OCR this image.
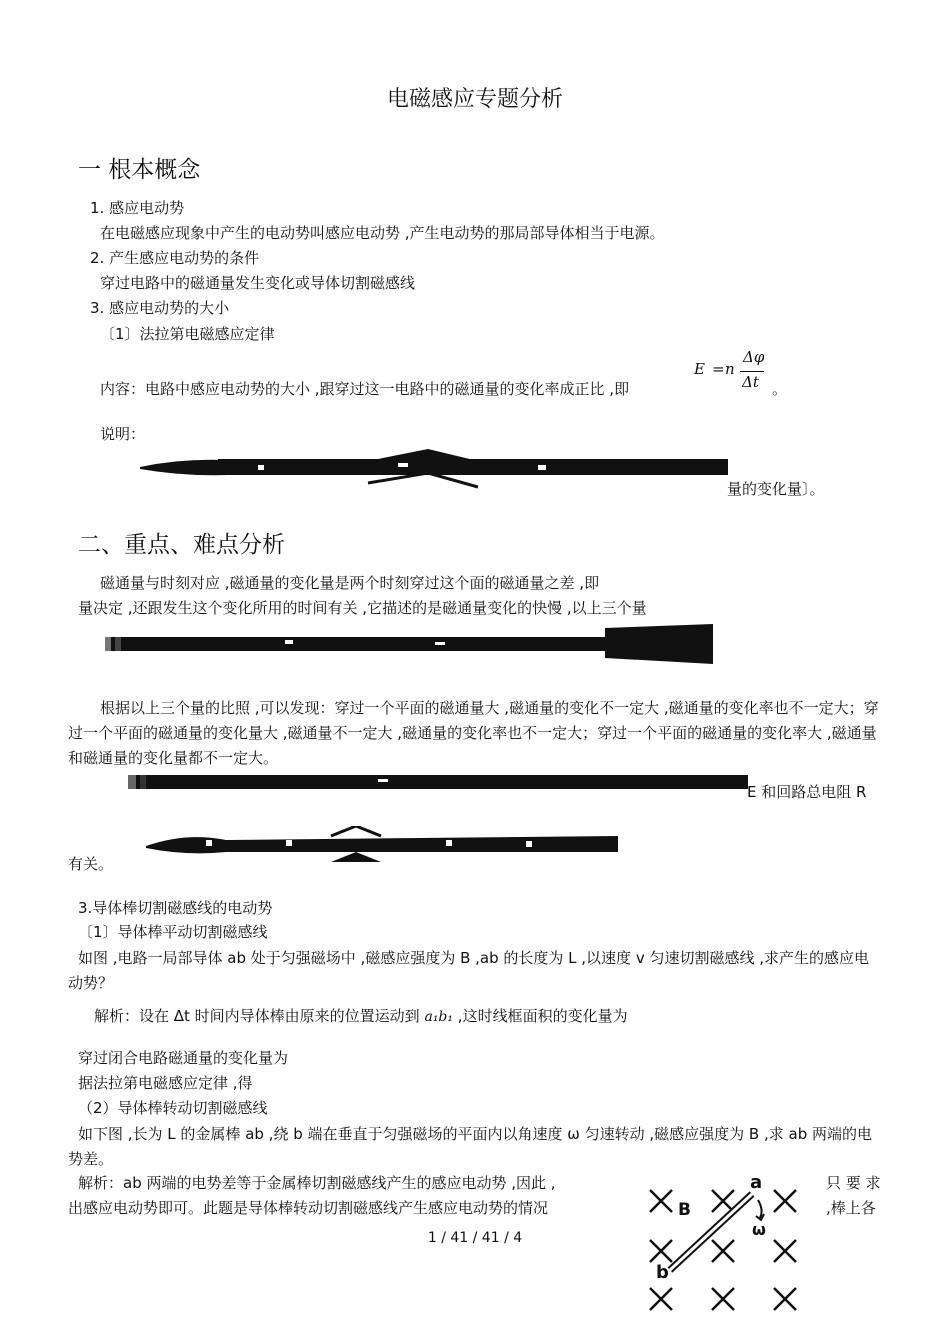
电磁感应专题分析
一 根本概念
1. 感应电动势
在电磁感应现象中产生的电动势叫感应电动势 ,产生电动势的那局部导体相当于电源。
2. 产生感应电动势的条件
穿过电路中的磁通量发生变化或导体切割磁感线
3. 感应电动势的大小
〔1〕法拉第电磁感应定律
内容：电路中感应电动势的大小 ,跟穿过这一电路中的磁通量的变化率成正比 ,即
E = n
Δφ
Δt 。
说明：
量的变化量〕。
二、重点、难点分析
磁通量与时刻对应 ,磁通量的变化量是两个时刻穿过这个面的磁通量之差 ,即
量决定 ,还跟发生这个变化所用的时间有关 ,它描述的是磁通量变化的快慢 ,以上三个量
根据以上三个量的比照 ,可以发现：穿过一个平面的磁通量大 ,磁通量的变化不一定大 ,磁通量的变化率也不一定大；穿过一个平面的磁通量的变化量大 ,磁通量不一定大 ,磁通量的变化率也不一定大；穿过一个平面的磁通量的变化率大 ,磁通量和磁通量的变化量都不一定大。
E 和回路总电阻 R
有关。
3.导体棒切割磁感线的电动势
〔1〕导体棒平动切割磁感线
如图 ,电路一局部导体 ab 处于匀强磁场中 ,磁感应强度为 B ,ab 的长度为 L ,以速度 v 匀速切割磁感线 ,求产生的感应电动势？
解析：设在 Δt 时间内导体棒由原来的位置运动到 a₁b₁ ,这时线框面积的变化量为
穿过闭合电路磁通量的变化量为
据法拉第电磁感应定律 ,得
（2）导体棒转动切割磁感线
如下图 ,长为 L 的金属棒 ab ,绕 b 端在垂直于匀强磁场的平面内以角速度 ω 匀速转动 ,磁感应强度为 B ,求 ab 两端的电势差。
解析：ab 两端的电势差等于金属棒切割磁感线产生的感应电动势 ,因此 ,	只 要 求
出感应电动势即可。此题是导体棒转动切割磁感线产生感应电动势的情况	,棒上各
1 / 41 / 41 / 4
B
a
ω
b
